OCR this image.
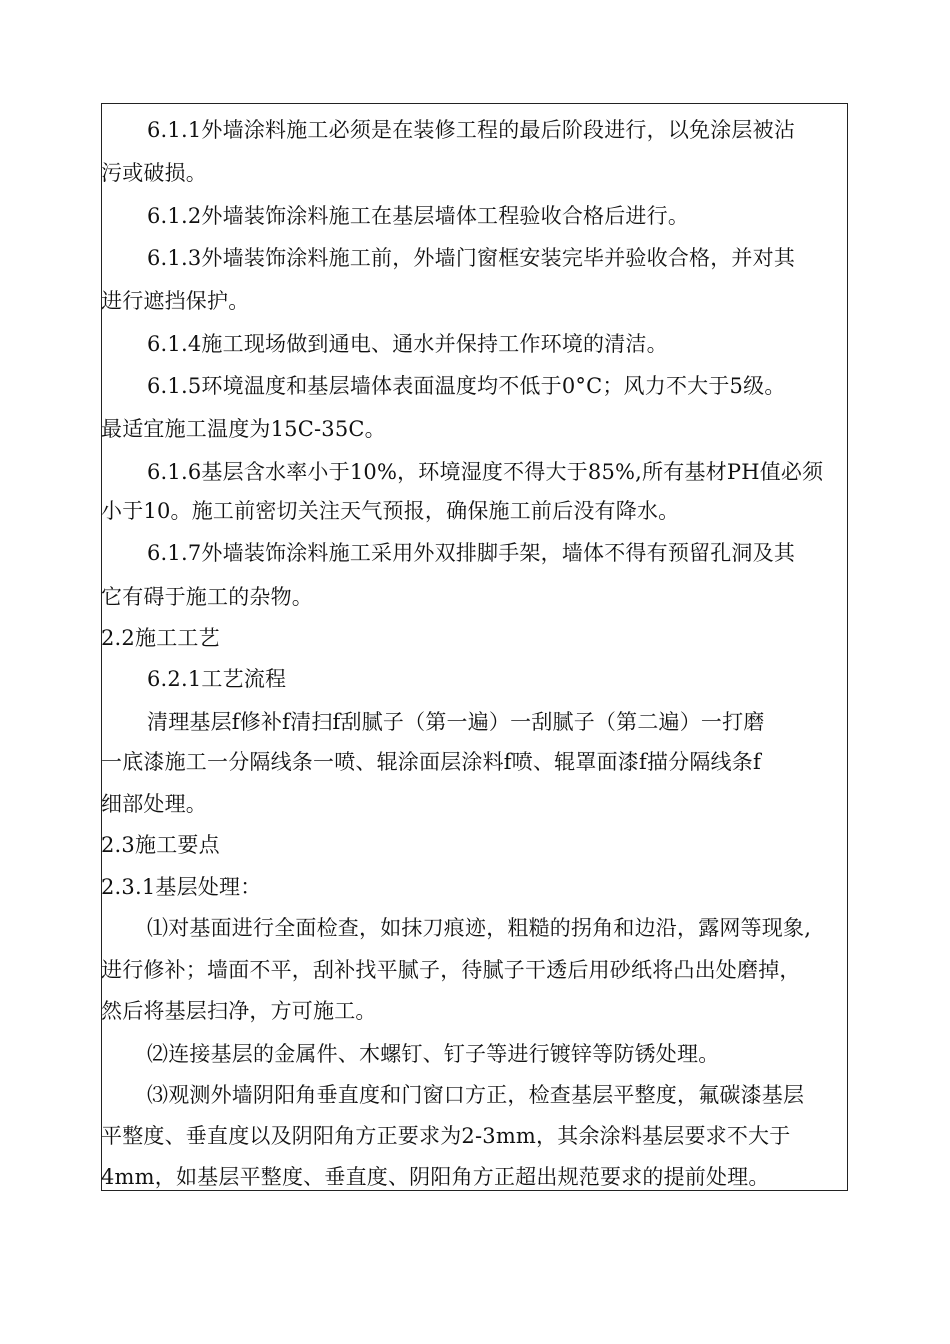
6.1.1外墙涂料施工必须是在装修工程的最后阶段进行，以免涂层被沾
污或破损。
6.1.2外墙装饰涂料施工在基层墙体工程验收合格后进行。
6.1.3外墙装饰涂料施工前，外墙门窗框安装完毕并验收合格，并对其
进行遮挡保护。
6.1.4施工现场做到通电、通水并保持工作环境的清洁。
6.1.5环境温度和基层墙体表面温度均不低于0°C；风力不大于5级。
最适宜施工温度为15C-35C。
6.1.6基层含水率小于10%，环境湿度不得大于85%,所有基材PH值必须
小于10。施工前密切关注天气预报，确保施工前后没有降水。
6.1.7外墙装饰涂料施工采用外双排脚手架，墙体不得有预留孔洞及其
它有碍于施工的杂物。
2.2施工工艺
6.2.1工艺流程
清理基层f修补f清扫f刮腻子（第一遍）一刮腻子（第二遍）一打磨
一底漆施工一分隔线条一喷、辊涂面层涂料f喷、辊罩面漆f描分隔线条f
细部处理。
2.3施工要点
2.3.1基层处理：
⑴对基面进行全面检查，如抹刀痕迹，粗糙的拐角和边沿，露网等现象,
进行修补；墙面不平，刮补找平腻子，待腻子干透后用砂纸将凸出处磨掉，
然后将基层扫净，方可施工。
⑵连接基层的金属件、木螺钉、钉子等进行镀锌等防锈处理。
⑶观测外墙阴阳角垂直度和门窗口方正，检查基层平整度，氟碳漆基层
平整度、垂直度以及阴阳角方正要求为2-3mm，其余涂料基层要求不大于
4mm，如基层平整度、垂直度、阴阳角方正超出规范要求的提前处理。
